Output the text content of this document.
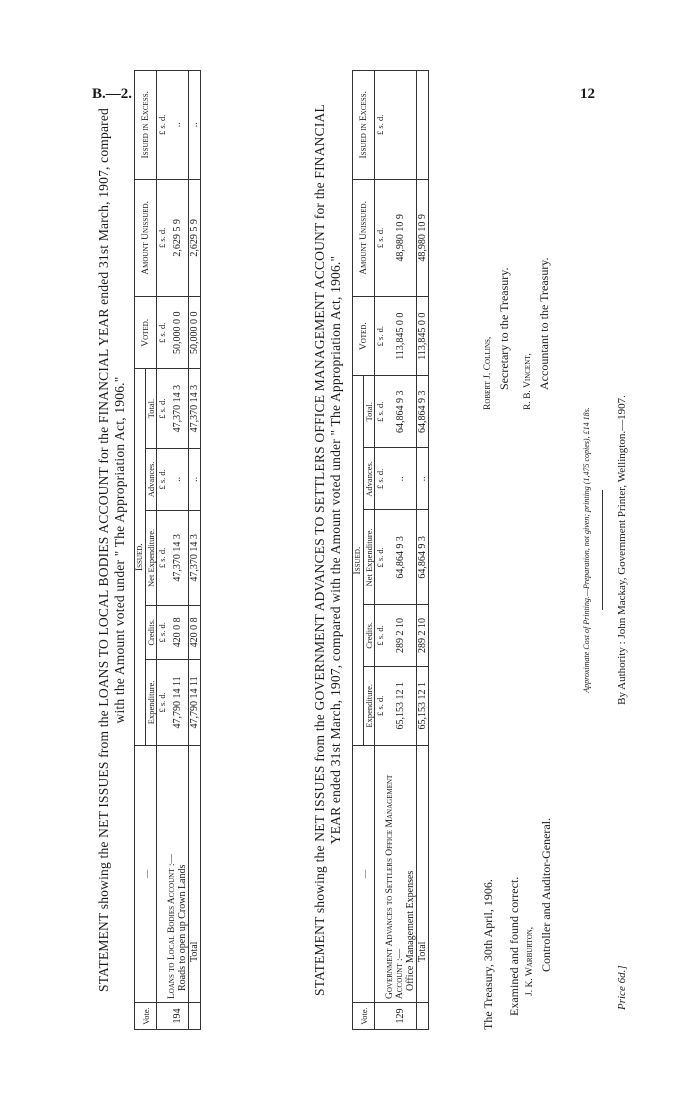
B.—2.	12
STATEMENT showing the NET ISSUES from the LOANS TO LOCAL BODIES ACCOUNT for the FINANCIAL YEAR ended 31st March, 1907, compared with the Amount voted under " The Appropriation Act, 1906."
Vote.	—	Issued.					Voted.	Amount Unissued.	Issued in Excess.
		Expenditure.	Credits.	Net Expenditure.	Advances.	Total.			
		£ s. d.	£ s. d.	£ s. d.	£ s. d.	£ s. d.	£ s. d.	£ s. d.	£ s. d.
194	Loans to Local Bodies Account :— Roads to open up Crown Lands	47,790 14 11	420 0 8	47,370 14 3	..	47,370 14 3	50,000 0 0	2,629 5 9	..
	Total	47,790 14 11	420 0 8	47,370 14 3	..	47,370 14 3	50,000 0 0	2,629 5 9	..	STATEMENT showing the NET ISSUES from the GOVERNMENT ADVANCES TO SETTLERS OFFICE MANAGEMENT ACCOUNT for the FINANCIAL YEAR ended 31st March, 1907, compared with the Amount voted under " The Appropriation Act, 1906."
Vote.	—	Issued.					Voted.	Amount Unissued.	Issued in Excess.
		Expenditure.	Credits.	Net Expenditure.	Advances.	Total.			
		£ s. d.	£ s. d.	£ s. d.	£ s. d.	£ s. d.	£ s. d.	£ s. d.	£ s. d.
129	Government Advances to Settlers Office Management Account :— Office Management Expenses	65,153 12 1	289 2 10	64,864 9 3	..	64,864 9 3	113,845 0 0	48,980 10 9	
	Total	65,153 12 1	289 2 10	64,864 9 3	..	64,864 9 3	113,845 0 0	48,980 10 9	
The Treasury, 30th April, 1906. Examined and found correct. J. K. Warburton, Controller and Auditor-General.
Robert J. Collins, Secretary to the Treasury.	R. B. Vincent, Accountant to the Treasury.
Approximate Cost of Printing.—Preparation, not given; printing (1,475 copies), £14 18s. By Authority : John Mackay, Government Printer, Wellington.—1907.
Price 6d.]
